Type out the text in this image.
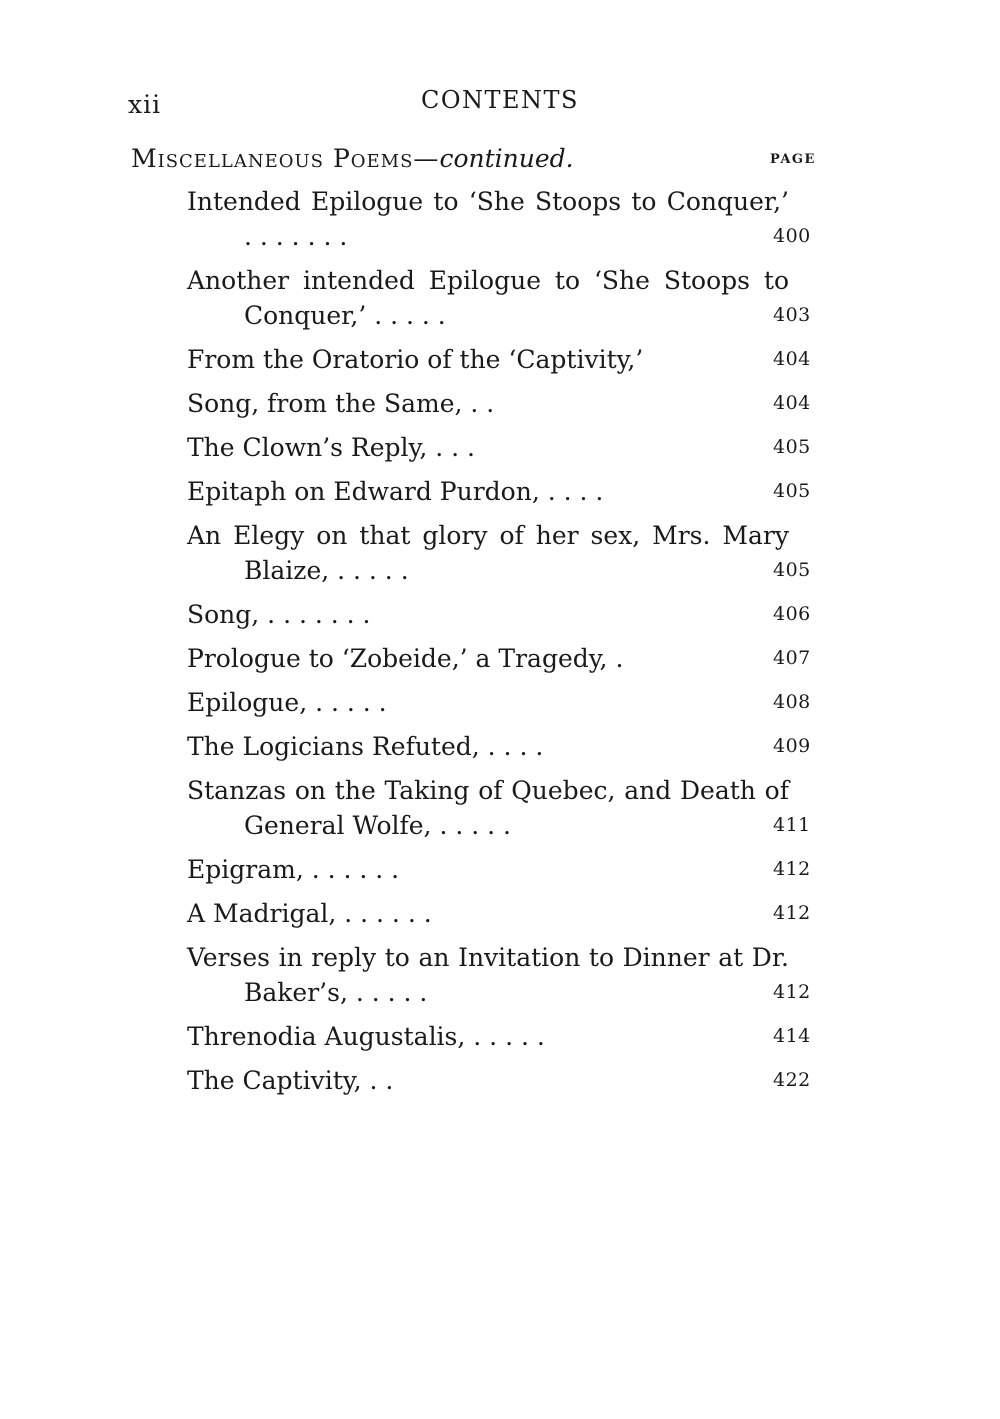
xii	CONTENTS
Miscellaneous Poems—continued.	PAGE
Intended Epilogue to ‘She Stoops to Conquer,’ . . . . . . .	400
Another intended Epilogue to ‘She Stoops to Conquer,’ . . . . .	403
From the Oratorio of the ‘Captivity,’	404
Song, from the Same, . .	404
The Clown’s Reply, . . .	405
Epitaph on Edward Purdon, . . . .	405
An Elegy on that glory of her sex, Mrs. Mary Blaize, . . . . .	405
Song, . . . . . . .	406
Prologue to ‘Zobeide,’ a Tragedy, .	407
Epilogue, . . . . .	408
The Logicians Refuted, . . . .	409
Stanzas on the Taking of Quebec, and Death of General Wolfe, . . . . .	411
Epigram, . . . . . .	412
A Madrigal, . . . . . .	412
Verses in reply to an Invitation to Dinner at Dr. Baker’s, . . . . .	412
Threnodia Augustalis, . . . . .	414
The Captivity, . .	422
